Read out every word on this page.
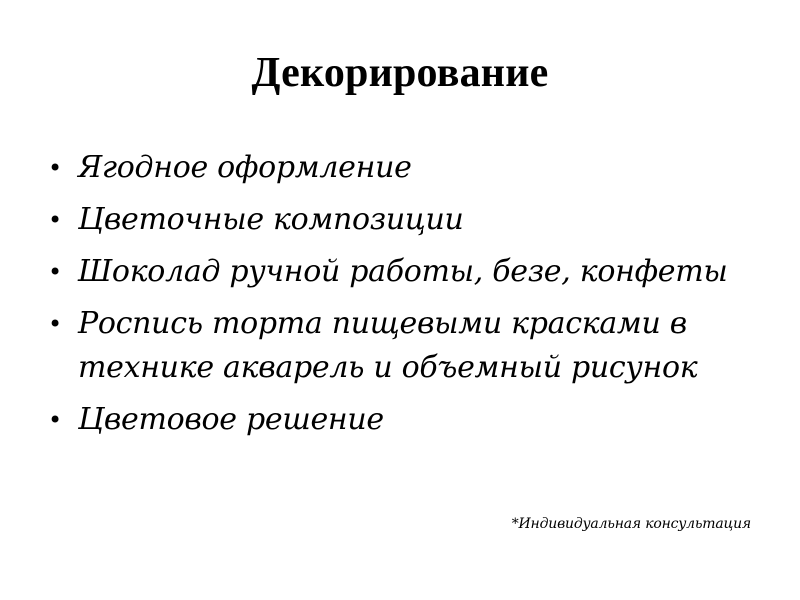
Декорирование
• Ягодное оформление
• Цветочные композиции
• Шоколад ручной работы, безе, конфеты
• Роспись торта пищевыми красками в технике акварель и объемный рисунок
• Цветовое решение
*Индивидуальная консультация
